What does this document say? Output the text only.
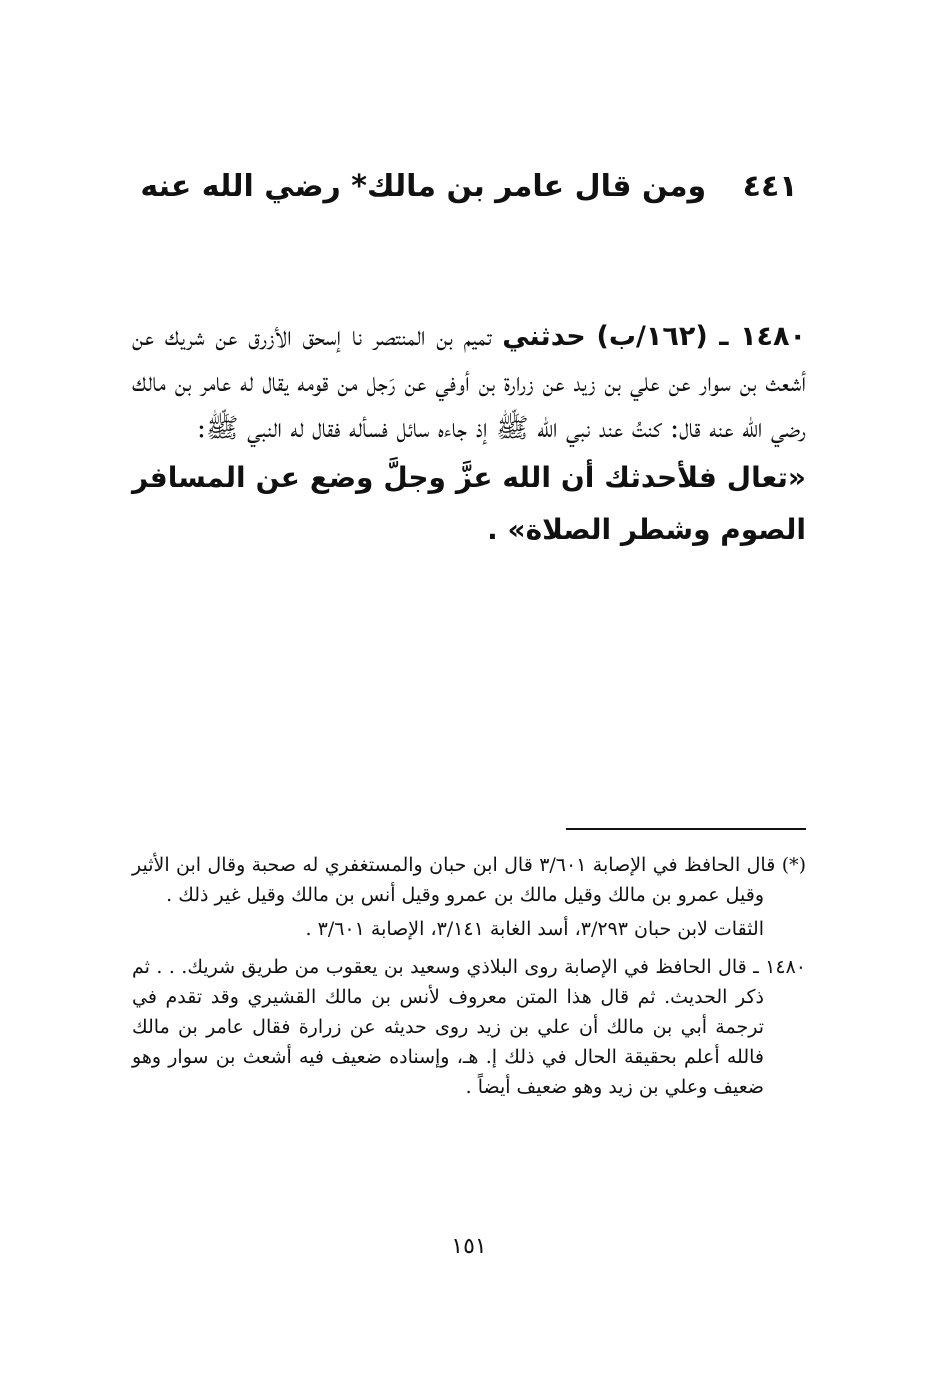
٤٤١ ومن قال عامر بن مالك* رضي الله عنه
١٤٨٠ ـ (١٦٢/ب) حدثني تميم بن المنتصر نا إسحق الأزرق عن شريك عن أشعث بن سوار عن علي بن زيد عن زرارة بن أوفي عن رَجل من قومه يقال له عامر بن مالك رضي الله عنه قال: كنتُ عند نبي الله ﷺ إذ جاءه سائل فسأله فقال له النبي ﷺ:
«تعال فلأحدثك أن الله عزَّ وجلَّ وضع عن المسافر الصوم وشطر الصلاة» .

(*) قال الحافظ في الإصابة ٣/٦٠١ قال ابن حبان والمستغفري له صحبة وقال ابن الأثير وقيل عمرو بن مالك وقيل مالك بن عمرو وقيل أنس بن مالك وقيل غير ذلك .
الثقات لابن حبان ٣/٢٩٣، أسد الغابة ٣/١٤١، الإصابة ٣/٦٠١ .

١٤٨٠ ـ قال الحافظ في الإصابة روى البلاذي وسعيد بن يعقوب من طريق شريك. . . ثم ذكر الحديث. ثم قال هذا المتن معروف لأنس بن مالك القشيري وقد تقدم في ترجمة أبي بن مالك أن علي بن زيد روى حديثه عن زرارة فقال عامر بن مالك فالله أعلم بحقيقة الحال في ذلك إ. هـ، وإسناده ضعيف فيه أشعث بن سوار وهو ضعيف وعلي بن زيد وهو ضعيف أيضاً .

١٥١
